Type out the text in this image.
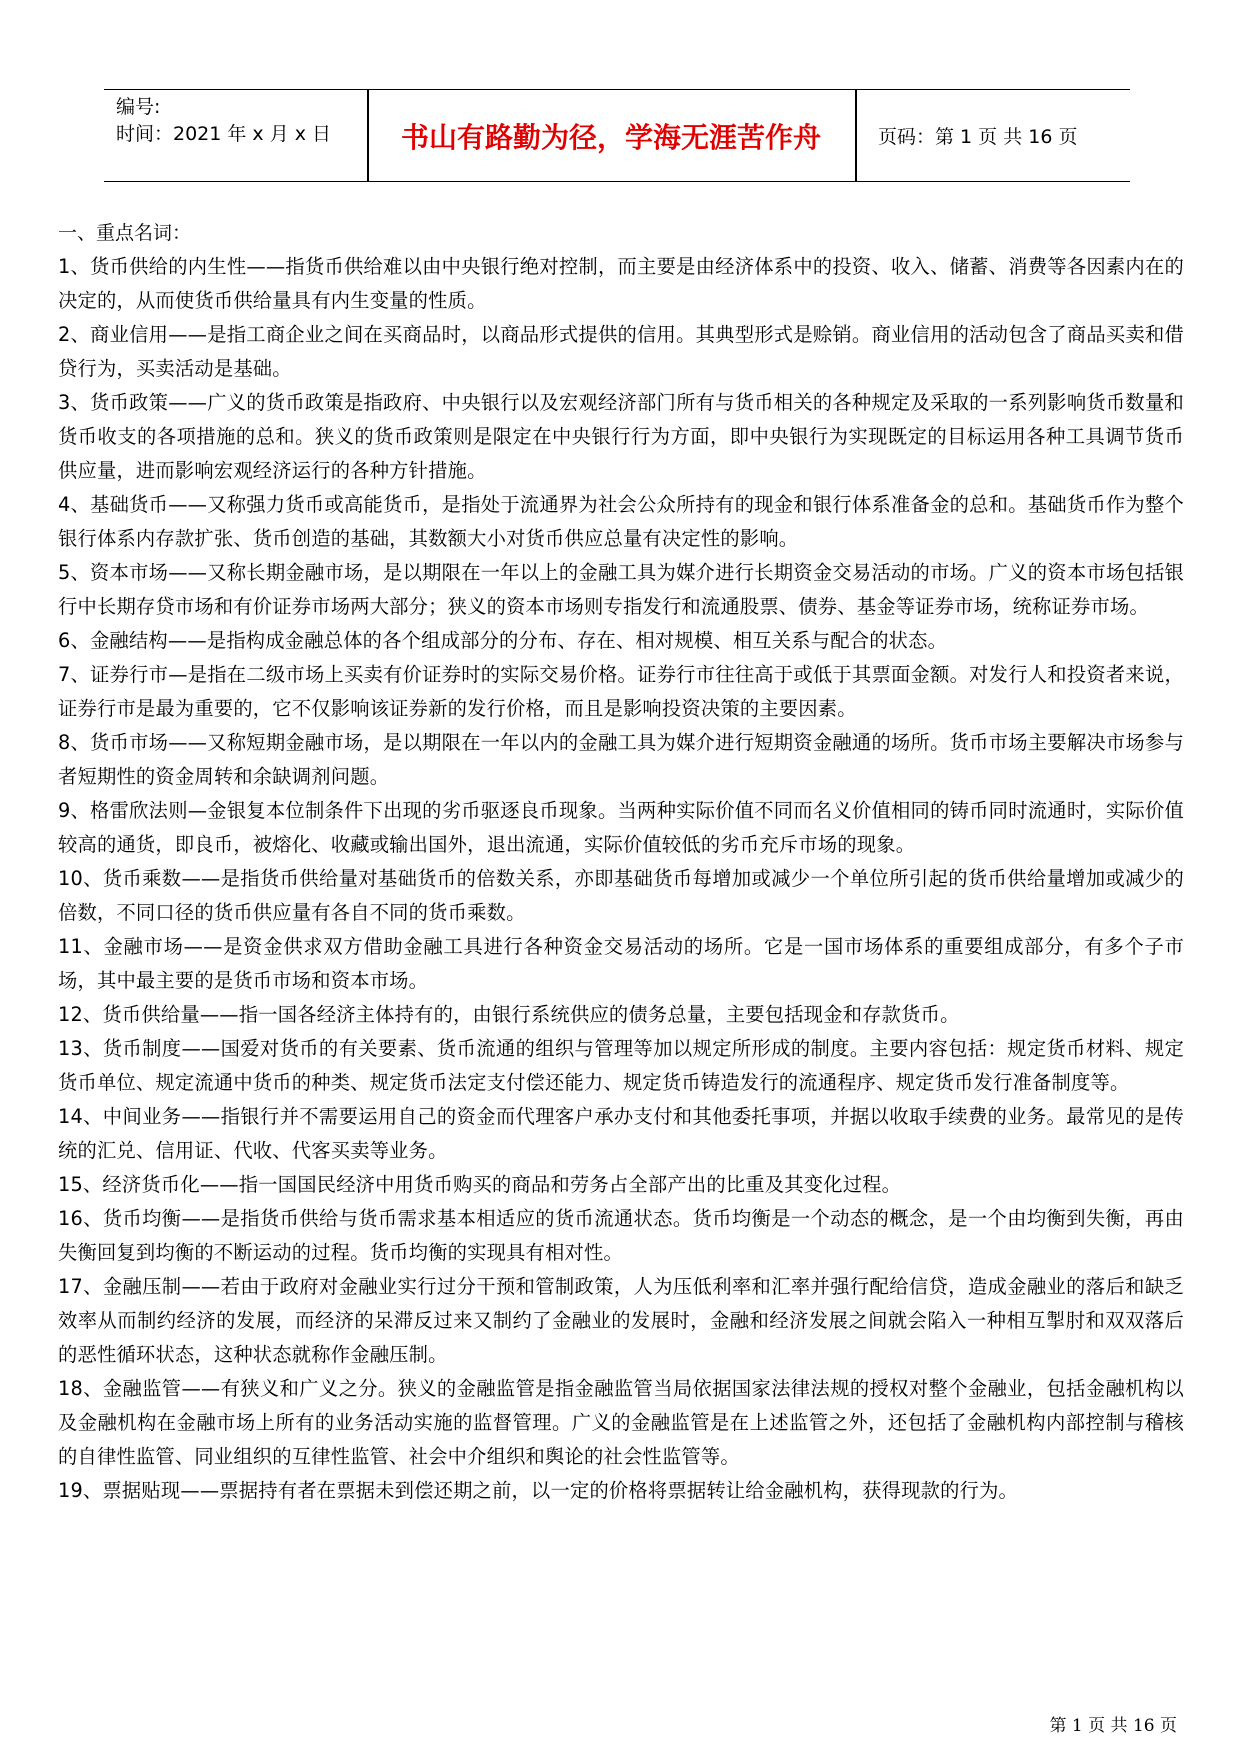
编号:
时间：2021 年 x 月 x 日	书山有路勤为径，学海无涯苦作舟	页码：第 1 页 共 16 页

一、重点名词：

1、货币供给的内生性——指货币供给难以由中央银行绝对控制，而主要是由经济体系中的投资、收入、储蓄、消费等各因素内在的决定的，从而使货币供给量具有内生变量的性质。

2、商业信用——是指工商企业之间在买商品时，以商品形式提供的信用。其典型形式是赊销。商业信用的活动包含了商品买卖和借贷行为，买卖活动是基础。

3、货币政策——广义的货币政策是指政府、中央银行以及宏观经济部门所有与货币相关的各种规定及采取的一系列影响货币数量和货币收支的各项措施的总和。狭义的货币政策则是限定在中央银行行为方面，即中央银行为实现既定的目标运用各种工具调节货币供应量，进而影响宏观经济运行的各种方针措施。

4、基础货币——又称强力货币或高能货币，是指处于流通界为社会公众所持有的现金和银行体系准备金的总和。基础货币作为整个银行体系内存款扩张、货币创造的基础，其数额大小对货币供应总量有决定性的影响。

5、资本市场——又称长期金融市场，是以期限在一年以上的金融工具为媒介进行长期资金交易活动的市场。广义的资本市场包括银行中长期存贷市场和有价证券市场两大部分；狭义的资本市场则专指发行和流通股票、债券、基金等证券市场，统称证券市场。

6、金融结构——是指构成金融总体的各个组成部分的分布、存在、相对规模、相互关系与配合的状态。

7、证券行市—是指在二级市场上买卖有价证券时的实际交易价格。证券行市往往高于或低于其票面金额。对发行人和投资者来说，证券行市是最为重要的，它不仅影响该证券新的发行价格，而且是影响投资决策的主要因素。

8、货币市场——又称短期金融市场，是以期限在一年以内的金融工具为媒介进行短期资金融通的场所。货币市场主要解决市场参与者短期性的资金周转和余缺调剂问题。

9、格雷欣法则—金银复本位制条件下出现的劣币驱逐良币现象。当两种实际价值不同而名义价值相同的铸币同时流通时，实际价值较高的通货，即良币，被熔化、收藏或输出国外，退出流通，实际价值较低的劣币充斥市场的现象。

10、货币乘数——是指货币供给量对基础货币的倍数关系，亦即基础货币每增加或减少一个单位所引起的货币供给量增加或减少的倍数，不同口径的货币供应量有各自不同的货币乘数。

11、金融市场——是资金供求双方借助金融工具进行各种资金交易活动的场所。它是一国市场体系的重要组成部分，有多个子市场，其中最主要的是货币市场和资本市场。

12、货币供给量——指一国各经济主体持有的，由银行系统供应的债务总量，主要包括现金和存款货币。

13、货币制度——国爱对货币的有关要素、货币流通的组织与管理等加以规定所形成的制度。主要内容包括：规定货币材料、规定货币单位、规定流通中货币的种类、规定货币法定支付偿还能力、规定货币铸造发行的流通程序、规定货币发行准备制度等。

14、中间业务——指银行并不需要运用自己的资金而代理客户承办支付和其他委托事项，并据以收取手续费的业务。最常见的是传统的汇兑、信用证、代收、代客买卖等业务。

15、经济货币化——指一国国民经济中用货币购买的商品和劳务占全部产出的比重及其变化过程。

16、货币均衡——是指货币供给与货币需求基本相适应的货币流通状态。货币均衡是一个动态的概念，是一个由均衡到失衡，再由失衡回复到均衡的不断运动的过程。货币均衡的实现具有相对性。

17、金融压制——若由于政府对金融业实行过分干预和管制政策，人为压低利率和汇率并强行配给信贷，造成金融业的落后和缺乏效率从而制约经济的发展，而经济的呆滞反过来又制约了金融业的发展时，金融和经济发展之间就会陷入一种相互掣肘和双双落后的恶性循环状态，这种状态就称作金融压制。

18、金融监管——有狭义和广义之分。狭义的金融监管是指金融监管当局依据国家法律法规的授权对整个金融业，包括金融机构以及金融机构在金融市场上所有的业务活动实施的监督管理。广义的金融监管是在上述监管之外，还包括了金融机构内部控制与稽核的自律性监管、同业组织的互律性监管、社会中介组织和舆论的社会性监管等。

19、票据贴现——票据持有者在票据未到偿还期之前，以一定的价格将票据转让给金融机构，获得现款的行为。

第 1 页 共 16 页
